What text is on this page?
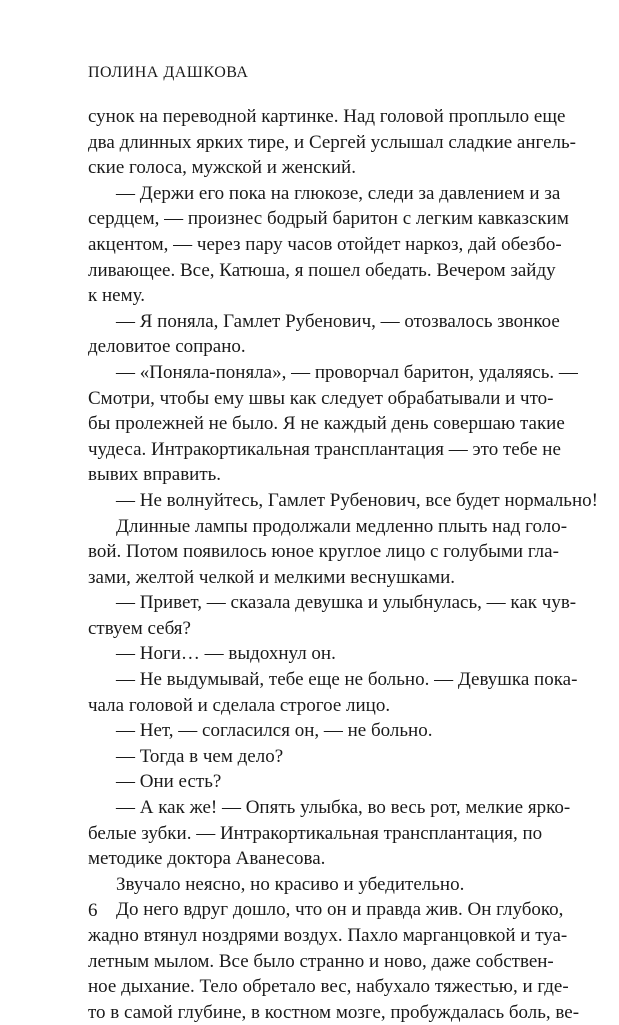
ПОЛИНА ДАШКОВА
сунок на переводной картинке. Над головой проплыло еще
два длинных ярких тире, и Сергей услышал сладкие ангель-
ские голоса, мужской и женский.
— Держи его пока на глюкозе, следи за давлением и за
сердцем, — произнес бодрый баритон с легким кавказским
акцентом, — через пару часов отойдет наркоз, дай обезбо-
ливающее. Все, Катюша, я пошел обедать. Вечером зайду
к нему.
— Я поняла, Гамлет Рубенович, — отозвалось звонкое
деловитое сопрано.
— «Поняла-поняла», — проворчал баритон, удаляясь. —
Смотри, чтобы ему швы как следует обрабатывали и что-
бы пролежней не было. Я не каждый день совершаю такие
чудеса. Интракортикальная трансплантация — это тебе не
вывих вправить.
— Не волнуйтесь, Гамлет Рубенович, все будет нормально!
Длинные лампы продолжали медленно плыть над голо-
вой. Потом появилось юное круглое лицо с голубыми гла-
зами, желтой челкой и мелкими веснушками.
— Привет, — сказала девушка и улыбнулась, — как чув-
ствуем себя?
— Ноги… — выдохнул он.
— Не выдумывай, тебе еще не больно. — Девушка пока-
чала головой и сделала строгое лицо.
— Нет, — согласился он, — не больно.
— Тогда в чем дело?
— Они есть?
— А как же! — Опять улыбка, во весь рот, мелкие ярко-
белые зубки. — Интракортикальная трансплантация, по
методике доктора Аванесова.
Звучало неясно, но красиво и убедительно.
До него вдруг дошло, что он и правда жив. Он глубоко,
жадно втянул ноздрями воздух. Пахло марганцовкой и туа-
летным мылом. Все было странно и ново, даже собствен-
ное дыхание. Тело обретало вес, набухало тяжестью, и где-
то в самой глубине, в костном мозге, пробуждалась боль, ве-
6
